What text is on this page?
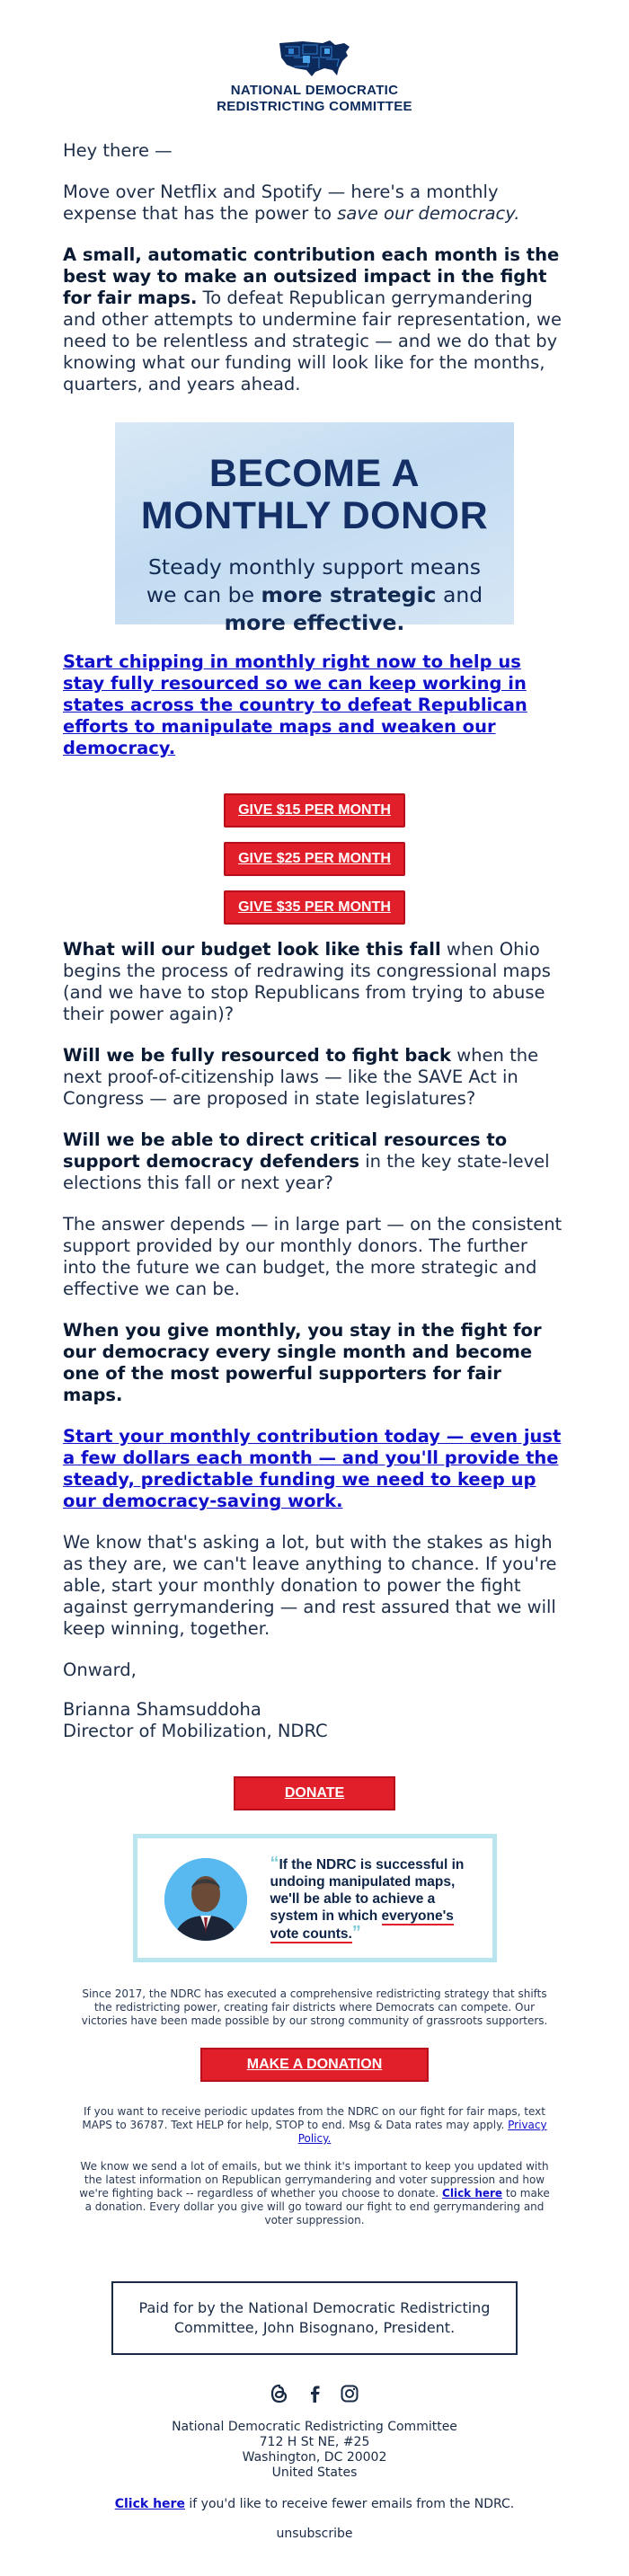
NATIONAL DEMOCRATIC
REDISTRICTING COMMITTEE

Hey there —

Move over Netflix and Spotify — here's a monthly expense that has the power to save our democracy.

A small, automatic contribution each month is the best way to make an outsized impact in the fight for fair maps. To defeat Republican gerrymandering and other attempts to undermine fair representation, we need to be relentless and strategic — and we do that by knowing what our funding will look like for the months, quarters, and years ahead.

BECOME A
MONTHLY DONOR
Steady monthly support means
we can be more strategic and
more effective.

Start chipping in monthly right now to help us stay fully resourced so we can keep working in states across the country to defeat Republican efforts to manipulate maps and weaken our democracy.

GIVE $15 PER MONTH
GIVE $25 PER MONTH
GIVE $35 PER MONTH

What will our budget look like this fall when Ohio begins the process of redrawing its congressional maps (and we have to stop Republicans from trying to abuse their power again)?

Will we be fully resourced to fight back when the next proof-of-citizenship laws — like the SAVE Act in Congress — are proposed in state legislatures?

Will we be able to direct critical resources to support democracy defenders in the key state-level elections this fall or next year?

The answer depends — in large part — on the consistent support provided by our monthly donors. The further into the future we can budget, the more strategic and effective we can be.

When you give monthly, you stay in the fight for our democracy every single month and become one of the most powerful supporters for fair maps.

Start your monthly contribution today — even just a few dollars each month — and you'll provide the steady, predictable funding we need to keep up our democracy-saving work.

We know that's asking a lot, but with the stakes as high as they are, we can't leave anything to chance. If you're able, start your monthly donation to power the fight against gerrymandering — and rest assured that we will keep winning, together.

Onward,

Brianna Shamsuddoha
Director of Mobilization, NDRC

DONATE
“If the NDRC is successful in undoing manipulated maps, we'll be able to achieve a system in which everyone's vote counts.”

Since 2017, the NDRC has executed a comprehensive redistricting strategy that shifts the redistricting power, creating fair districts where Democrats can compete. Our victories have been made possible by our strong community of grassroots supporters.

MAKE A DONATION

If you want to receive periodic updates from the NDRC on our fight for fair maps, text MAPS to 36787. Text HELP for help, STOP to end. Msg & Data rates may apply. Privacy Policy.

We know we send a lot of emails, but we think it's important to keep you updated with the latest information on Republican gerrymandering and voter suppression and how we're fighting back -- regardless of whether you choose to donate. Click here to make a donation. Every dollar you give will go toward our fight to end gerrymandering and voter suppression.

Paid for by the National Democratic Redistricting Committee, John Bisognano, President.

National Democratic Redistricting Committee
712 H St NE, #25
Washington, DC 20002
United States

Click here if you'd like to receive fewer emails from the NDRC.

unsubscribe
